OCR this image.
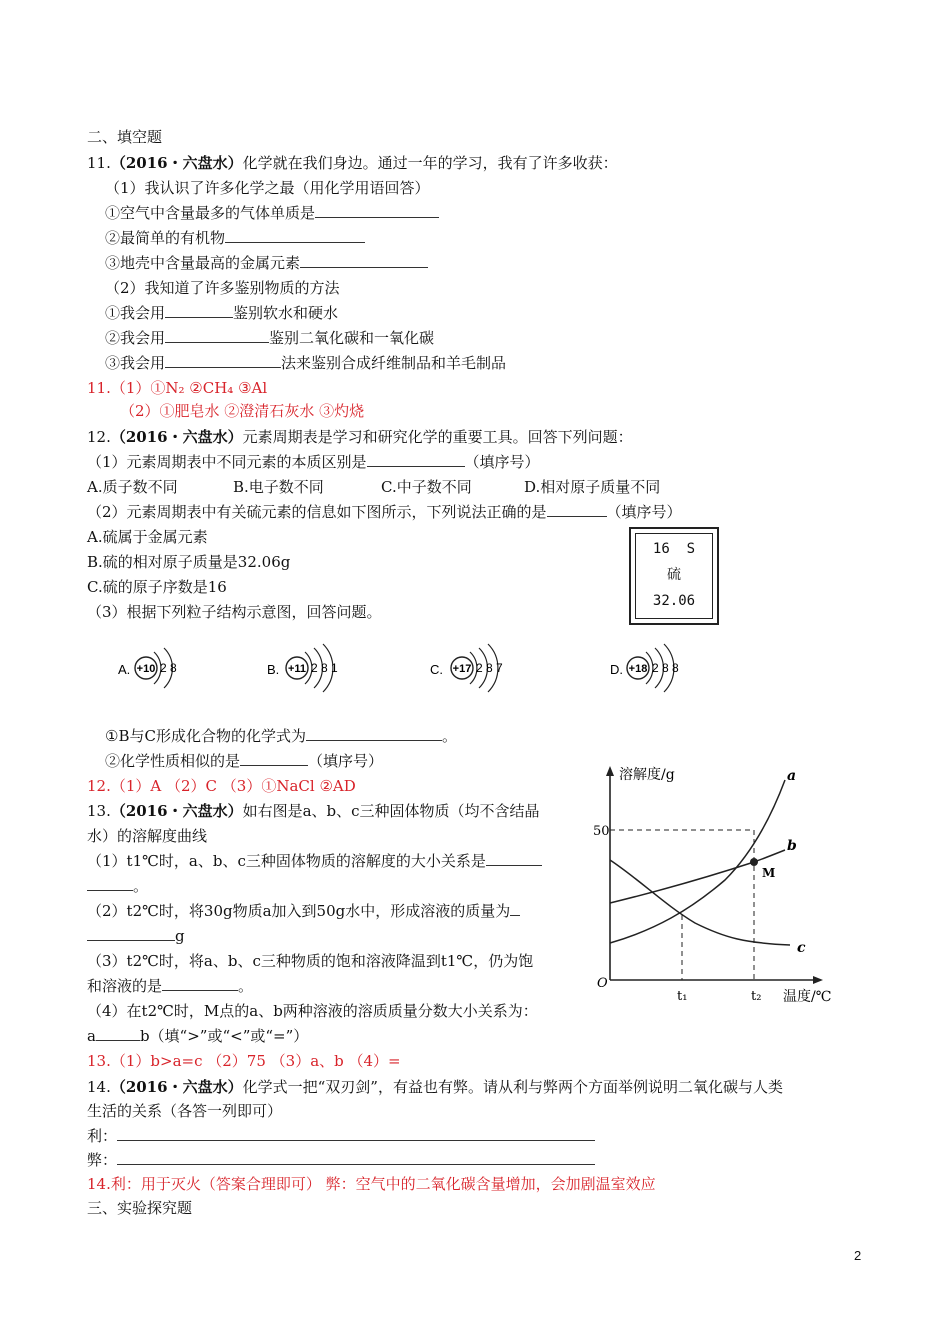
二、填空题
11.（2016・六盘水）化学就在我们身边。通过一年的学习，我有了许多收获：
（1）我认识了许多化学之最（用化学用语回答）
①空气中含量最多的气体单质是
②最简单的有机物
③地壳中含量最高的金属元素
（2）我知道了许多鉴别物质的方法
①我会用	鉴别软水和硬水
②我会用	鉴别二氧化碳和一氧化碳
③我会用	法来鉴别合成纤维制品和羊毛制品
11.（1）①N₂ ②CH₄ ③Al
（2）①肥皂水 ②澄清石灰水 ③灼烧
12.（2016・六盘水）元素周期表是学习和研究化学的重要工具。回答下列问题：
（1）元素周期表中不同元素的本质区别是	（填序号）
A.质子数不同	B.电子数不同	C.中子数不同	D.相对原子质量不同
（2）元素周期表中有关硫元素的信息如下图所示，下列说法正确的是	（填序号）
A.硫属于金属元素
B.硫的相对原子质量是32.06g
C.硫的原子序数是16
16 S
硫
32.06
（3）根据下列粒子结构示意图，回答问题。
A. +10 2 8	B. +11 2 8 1	C. +17 2 8 7	D. +18 2 8 8
①B与C形成化合物的化学式为	。
②化学性质相似的是	（填序号）
12.（1）A （2）C （3）①NaCl ②AD
13.（2016・六盘水）如右图是a、b、c三种固体物质（均不含结晶
水）的溶解度曲线
（1）t1℃时，a、b、c三种固体物质的溶解度的大小关系是
。
（2）t2℃时，将30g物质a加入到50g水中，形成溶液的质量为
g
（3）t2℃时，将a、b、c三种物质的饱和溶液降温到t1℃，仍为饱
和溶液的是	。
（4）在t2℃时，M点的a、b两种溶液的溶质质量分数大小关系为：
a	b（填“>”或“<”或“=”）
13.（1）b>a=c （2）75 （3）a、b （4）=
溶解度/g
温度/℃
O
50
t₁	t₂
M
a
b
c
14.（2016・六盘水）化学式一把“双刃剑”，有益也有弊。请从利与弊两个方面举例说明二氧化碳与人类
生活的关系（各答一列即可）
利：
弊：
14.利：用于灭火（答案合理即可） 弊：空气中的二氧化碳含量增加，会加剧温室效应
三、实验探究题
2
